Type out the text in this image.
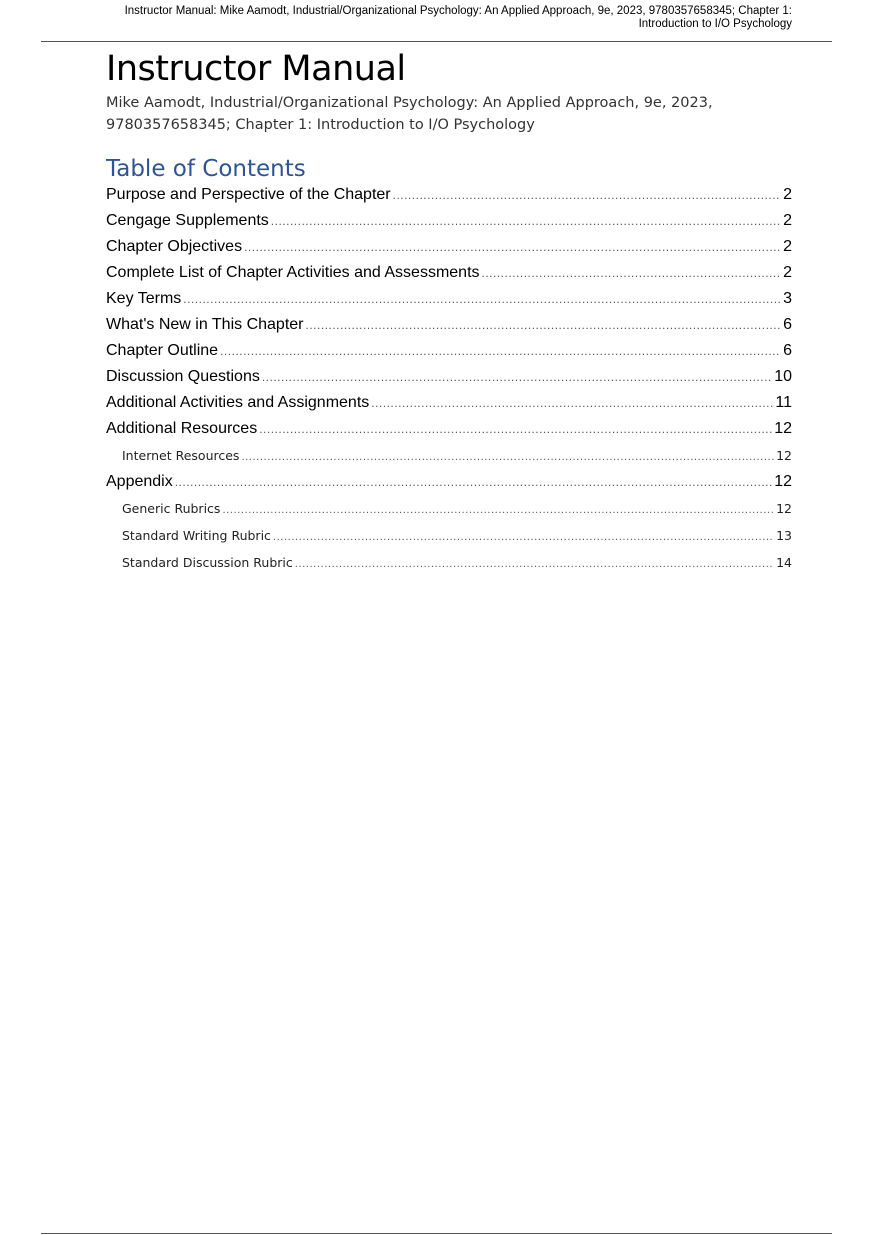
Instructor Manual: Mike Aamodt, Industrial/Organizational Psychology: An Applied Approach, 9e, 2023, 9780357658345; Chapter 1: Introduction to I/O Psychology
Instructor Manual
Mike Aamodt, Industrial/Organizational Psychology: An Applied Approach, 9e, 2023, 9780357658345; Chapter 1: Introduction to I/O Psychology
Table of Contents
Purpose and Perspective of the Chapter .....	2
Cengage Supplements .....	2
Chapter Objectives .....	2
Complete List of Chapter Activities and Assessments .....	2
Key Terms .....	3
What's New in This Chapter .....	6
Chapter Outline .....	6
Discussion Questions .....	10
Additional Activities and Assignments .....	11
Additional Resources .....	12
Internet Resources .....	12
Appendix .....	12
Generic Rubrics .....	12
Standard Writing Rubric .....	13
Standard Discussion Rubric .....	14
